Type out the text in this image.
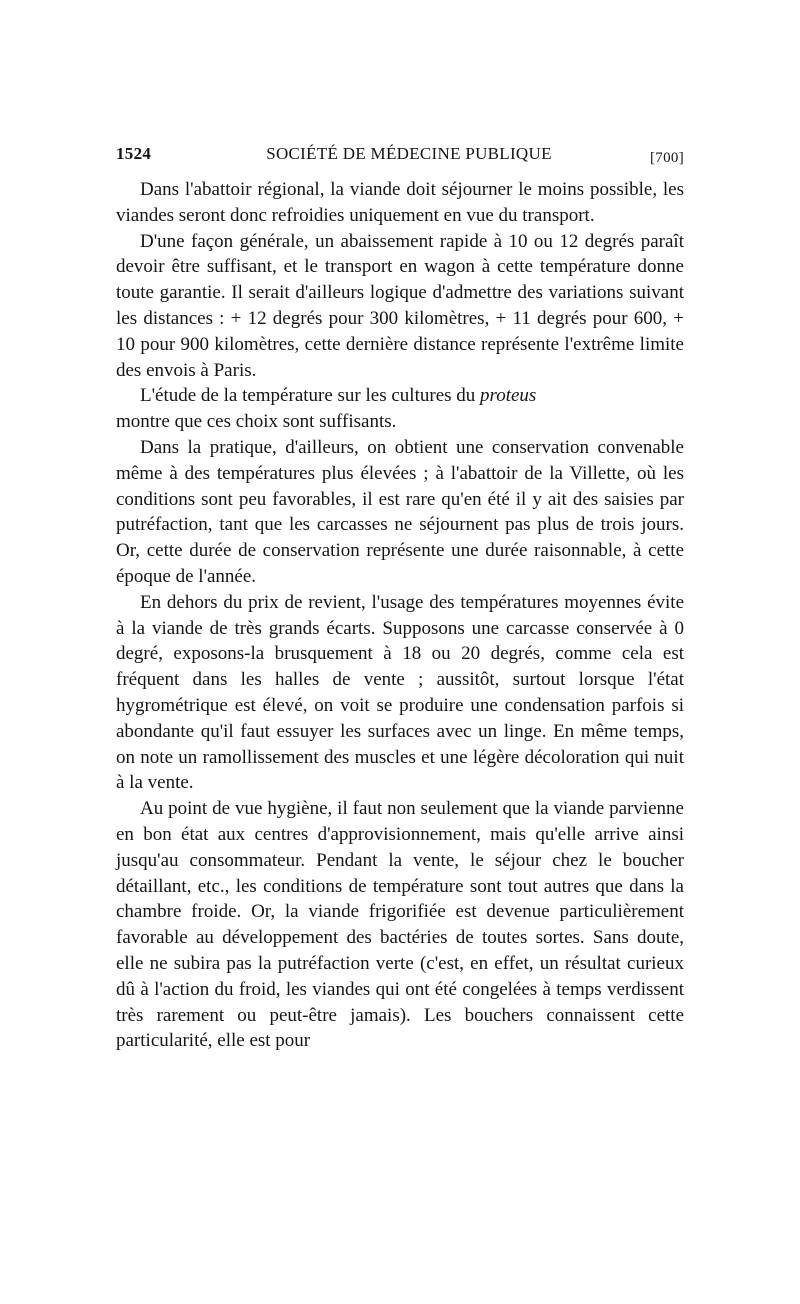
1524	SOCIÉTÉ DE MÉDECINE PUBLIQUE	[700]

Dans l'abattoir régional, la viande doit séjourner le moins possible, les viandes seront donc refroidies uniquement en vue du transport.

D'une façon générale, un abaissement rapide à 10 ou 12 degrés paraît devoir être suffisant, et le transport en wagon à cette température donne toute garantie. Il serait d'ailleurs logique d'admettre des variations suivant les distances : + 12 degrés pour 300 kilomètres, + 11 degrés pour 600, + 10 pour 900 kilomètres, cette dernière distance représente l'extrême limite des envois à Paris.

L'étude de la température sur les cultures du proteus
montre que ces choix sont suffisants.

Dans la pratique, d'ailleurs, on obtient une conservation convenable même à des températures plus élevées ; à l'abattoir de la Villette, où les conditions sont peu favorables, il est rare qu'en été il y ait des saisies par putréfaction, tant que les carcasses ne séjournent pas plus de trois jours. Or, cette durée de conservation représente une durée raisonnable, à cette époque de l'année.

En dehors du prix de revient, l'usage des températures moyennes évite à la viande de très grands écarts. Supposons une carcasse conservée à 0 degré, exposons-la brusquement à 18 ou 20 degrés, comme cela est fréquent dans les halles de vente ; aussitôt, surtout lorsque l'état hygrométrique est élevé, on voit se produire une condensation parfois si abondante qu'il faut essuyer les surfaces avec un linge. En même temps, on note un ramollissement des muscles et une légère décoloration qui nuit à la vente.

Au point de vue hygiène, il faut non seulement que la viande parvienne en bon état aux centres d'approvisionnement, mais qu'elle arrive ainsi jusqu'au consommateur. Pendant la vente, le séjour chez le boucher détaillant, etc., les conditions de température sont tout autres que dans la chambre froide. Or, la viande frigorifiée est devenue particulièrement favorable au développement des bactéries de toutes sortes. Sans doute, elle ne subira pas la putréfaction verte (c'est, en effet, un résultat curieux dû à l'action du froid, les viandes qui ont été congelées à temps verdissent très rarement ou peut-être jamais). Les bouchers connaissent cette particularité, elle est pour
